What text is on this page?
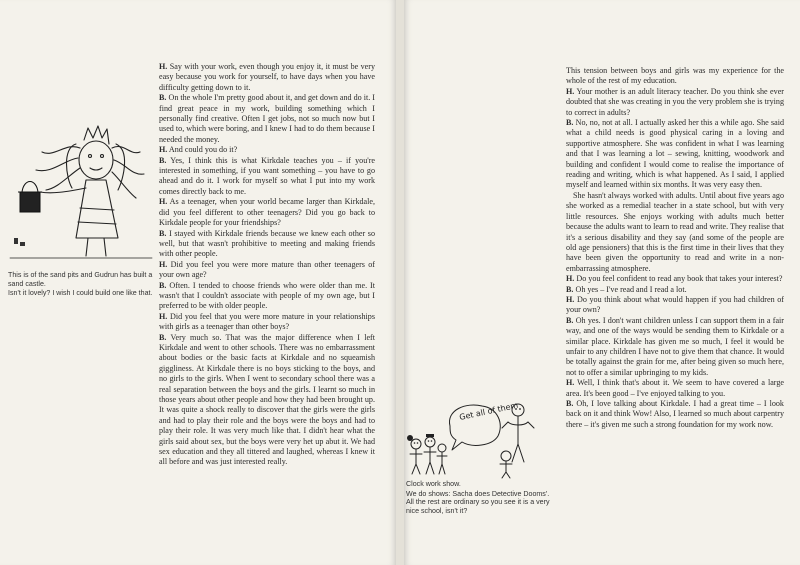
This is of the sand pits and Gudrun has built a sand castle.

Isn't it lovely? I wish I could build one like that.

H. Say with your work, even though you enjoy it, it must be very easy because you work for yourself, to have days when you have difficulty getting down to it.

B. On the whole I'm pretty good about it, and get down and do it. I find great peace in my work, building something which I personally find creative. Often I get jobs, not so much now but I used to, which were boring, and I knew I had to do them because I needed the money.

H. And could you do it?

B. Yes, I think this is what Kirkdale teaches you – if you're interested in something, if you want something – you have to go ahead and do it. I work for myself so what I put into my work comes directly back to me.

H. As a teenager, when your world became larger than Kirkdale, did you feel different to other teenagers? Did you go back to Kirkdale people for your friendships?

B. I stayed with Kirkdale friends because we knew each other so well, but that wasn't prohibitive to meeting and making friends with other people.

H. Did you feel you were more mature than other teenagers of your own age?

B. Often. I tended to choose friends who were older than me. It wasn't that I couldn't associate with people of my own age, but I preferred to be with older people.

H. Did you feel that you were more mature in your relationships with girls as a teenager than other boys?

B. Very much so. That was the major difference when I left Kirkdale and went to other schools. There was no embarrassment about bodies or the basic facts at Kirkdale and no squeamish giggliness. At Kirkdale there is no boys sticking to the boys, and no girls to the girls. When I went to secondary school there was a real separation between the boys and the girls. I learnt so much in those years about other people and how they had been brought up. It was quite a shock really to discover that the girls were the girls and had to play their role and the boys were the boys and had to play their role. It was very much like that. I didn't hear what the girls said about sex, but the boys were very het up abut it. We had sex education and they all tittered and laughed, whereas I knew it all before and was just interested really.

Get all of them

Clock work show.

We do shows: Sacha does Detective Dooms'. All the rest are ordinary so you see it is a very nice school, isn't it?

This tension between boys and girls was my experience for the whole of the rest of my education.

H. Your mother is an adult literacy teacher. Do you think she ever doubted that she was creating in you the very problem she is trying to correct in adults?

B. No, no, not at all. I actually asked her this a while ago. She said what a child needs is good physical caring in a loving and supportive atmosphere. She was confident in what I was learning and that I was learning a lot – sewing, knitting, woodwork and building and confident I would come to realise the importance of reading and writing, which is what happened. As I said, I applied myself and learned within six months. It was very easy then.

She hasn't always worked with adults. Until about five years ago she worked as a remedial teacher in a state school, but with very little resources. She enjoys working with adults much better because the adults want to learn to read and write. They realise that it's a serious disability and they say (and some of the people are old age pensioners) that this is the first time in their lives that they have been given the opportunity to read and write in a non-embarrassing atmosphere.

H. Do you feel confident to read any book that takes your interest?

B. Oh yes – I've read and I read a lot.

H. Do you think about what would happen if you had children of your own?

B. Oh yes. I don't want children unless I can support them in a fair way, and one of the ways would be sending them to Kirkdale or a similar place. Kirkdale has given me so much, I feel it would be unfair to any children I have not to give them that chance. It would be totally against the grain for me, after being given so much here, not to offer a similar upbringing to my kids.

H. Well, I think that's about it. We seem to have covered a large area. It's been good – I've enjoyed talking to you.

B. Oh, I love talking about Kirkdale. I had a great time – I look back on it and think Wow! Also, I learned so much about carpentry there – it's given me such a strong foundation for my work now.
